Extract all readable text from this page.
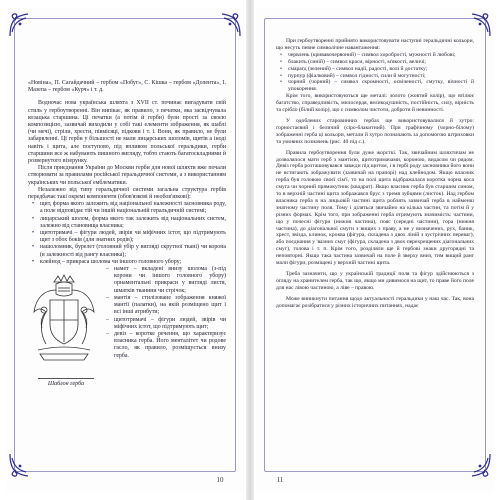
«Новіна», П. Сагайдачний – гербом «Побуг», С. Кішка – гербом «Долента», І. Мазепа – гербом «Курч» і т. д.

Водночас нова українська шляхта з XVII ст. починає вигадувати свій стиль у гербоутворенні. Він випікає, як правило, з печатки, яка засвідчувала козацька старшина. Ці печатки (а потім й герби) були прості за своєю композицією, зазвичай виходили у собі такі елементи зображення, як шаблі (чи мечі), стріли, хрести, півмісяці, підкови і т. і. Вони, як правило, не були забарвленні. Ці герби у більшості не мали лицарських шоломів, щитів а іноді навіть і щита, але поступово, під впливом польської геральдики, герби старшини все ж набувають пишного вигляду, тобто стають багатоскладними й розвернутого візерунку.

Після приєднання України до Москви герби для нової шляхти вже почали створювати за правилами російської геральдичної системи, а з використанням українських чи польської емблематики.

Незалежно від типу геральдичної системи загальна структура гербів передбачає такі окремі компоненти (обов'язкові й необов'язкові):

• щит, форма якого залежить від національної належності засновника роду, а поле відповідає тій чи іншій національній геральдичній системі;
• лицарський шолом, форма якого так залежить від національних систем, залежно від становища власника;
• щитотримачі – фігури людей, звірів чи міфічних істот, що підтримують щит з обох боків (для знатних родів);
• нашоломник, бурелет (головний убір у вигляді скрутної ткані) чи корона (в залежності від рангу власника);
• клейнод – прикраса шолома чи іншого головного убору;
Шаблон герба
– намет – вкладені внизу шолома (з-під корони чи іншого головного убору) орнаментальні прикраси у вигляді листя, шматків тканини чи стрічок;
– мантія – стилізоване зображення княжої мантії (палатки), на якій розміщено щит і всі інші атрибути;
– щитотримачі – фігури людей, звірів чи міфічних істот, що підтримують щит;
– девіз – коротке речення, що характеризує власника герба. Його менталітет чи родове гасло, як правило, розміщується внизу герба.
10

При гербоутворенні прийнято використовувати наступні геральдичні кольори, що несуть певне символічне навантаження:

• червлень (кривавочервоний) – символ хоробрості, мужності й любові;
• блакить (синій) – символ краси, вірності, м'якості, величі;
• смарагд (зелений) – символ надії, радості, волі й достатку;
• пурпур (фіалковий) – символ гідності, сили й могутності;
• чорний (чорний) – символ скромності, освіченості, смутку, вічності й упокорення.

Крім того, використовуються ще металі: золото (жовтий колір), що втілює багатство, справедливість, милосердя, великодушність, постійність, силу, вірність та срібло (білий колір), що є символом чистоти, доброти й невинності.

У одоблених старовинних гербах ще використовувалися й хутро: горностаєвий і беличий (сіро-блакитний). При графічному (чорно-білому) зображенні герба ці кольори, метали й хутро позначають за допомогою штриховки та умовних позначень (рис. 40 під с.).

Правила гербоутворення були дуже жорсткі. Так, звичайним шляхтичам не дозволялося мати герб з мантією, щитотримачами, короною, видасом чи рядом. Девіз герба розташовувався завжди під щитом, і в гербі роду засновника його вони не встигають зображувати (зазвичай на прапорі) над клейнодом. Якщо власник герба був головою своєї сім'ї, то на полі щита відбражалася коротка чорна коса смуга чи чорний прямокутник (квадрат). Якщо власник герба був старшим сином, то в верхній частині щита зображався брус з тремя зубцями (листок). Над гербом власника герба в на лицьовій частині щита роблять зазвичай герба в найменш знатному частину поля. Тому і діляться звичайно на кілька частин, та потім й у різних формах. Крім того, при зображенні герба отримують значимість: частини, що у почесні фігури (нижня частина), пояс (середні частини), гора (нижня частина), до діагональної смуги з вищих з праву, а не у визначених, рух, баник, хрест, звізда, клинок, кроква (фігура, складена з двох ліній з зустрічних переваг), або поєднання у 'вазних смуг (фігура, складена з двох перехрещених діагональних смуг), голова і т. п. Крім того, розділяли ще й гербові знаки другорядні та неповторні. Якщо така частина зазвичай на поле й зверху вниз, тим вищий ранг мали фігури, розміщені у верхній частині щита.

Треба зазначити, що у українській традиції поля та фігур здійснюються з огляду на хранителем герба, так що, якщо ми дивимося на щит, то праве його поле для нас лівою частиною, а ліве – правою.

Може виникнути питання щодо актуальності геральдики у наш час. Так, вона допомагає розібратися у різних історичних питаннях, надає

11
